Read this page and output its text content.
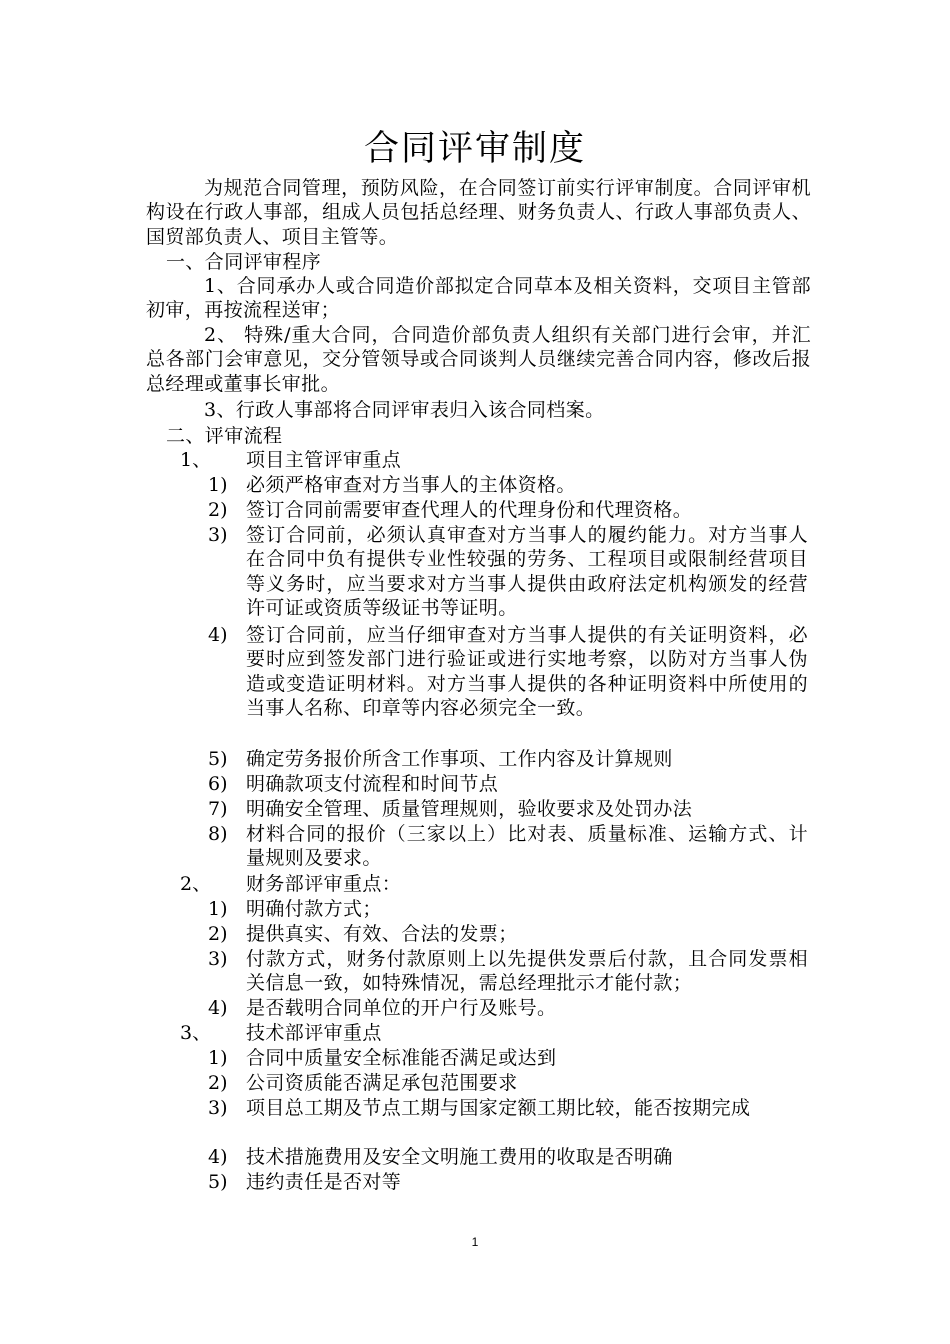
合同评审制度

为规范合同管理，预防风险，在合同签订前实行评审制度。合同评审机构设在行政人事部，组成人员包括总经理、财务负责人、行政人事部负责人、国贸部负责人、项目主管等。

一、合同评审程序

1、合同承办人或合同造价部拟定合同草本及相关资料，交项目主管部初审，再按流程送审；

2、 特殊/重大合同，合同造价部负责人组织有关部门进行会审，并汇总各部门会审意见，交分管领导或合同谈判人员继续完善合同内容，修改后报总经理或董事长审批。

3、行政人事部将合同评审表归入该合同档案。

二、评审流程
1、 项目主管评审重点
1) 必须严格审查对方当事人的主体资格。
2) 签订合同前需要审查代理人的代理身份和代理资格。
3) 签订合同前，必须认真审查对方当事人的履约能力。对方当事人在合同中负有提供专业性较强的劳务、工程项目或限制经营项目等义务时，应当要求对方当事人提供由政府法定机构颁发的经营许可证或资质等级证书等证明。
4) 签订合同前，应当仔细审查对方当事人提供的有关证明资料，必要时应到签发部门进行验证或进行实地考察，以防对方当事人伪造或变造证明材料。对方当事人提供的各种证明资料中所使用的当事人名称、印章等内容必须完全一致。
5) 确定劳务报价所含工作事项、工作内容及计算规则
6) 明确款项支付流程和时间节点
7) 明确安全管理、质量管理规则，验收要求及处罚办法
8) 材料合同的报价（三家以上）比对表、质量标准、运输方式、计量规则及要求。
2、 财务部评审重点：
1) 明确付款方式；
2) 提供真实、有效、合法的发票；
3) 付款方式，财务付款原则上以先提供发票后付款，且合同发票相关信息一致，如特殊情况，需总经理批示才能付款；
4) 是否载明合同单位的开户行及账号。
3、 技术部评审重点
1) 合同中质量安全标准能否满足或达到
2) 公司资质能否满足承包范围要求
3) 项目总工期及节点工期与国家定额工期比较，能否按期完成
4) 技术措施费用及安全文明施工费用的收取是否明确
5) 违约责任是否对等
1
